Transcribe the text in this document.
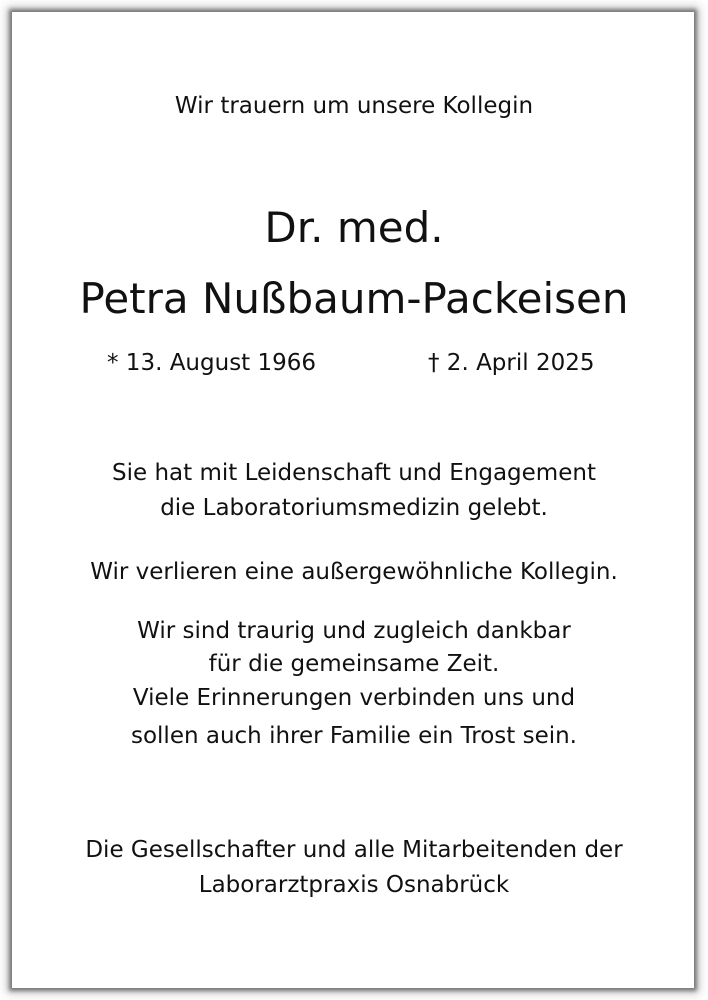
Wir trauern um unsere Kollegin

Dr. med.

Petra Nußbaum-Packeisen

* 13. August 1966	† 2. April 2025

Sie hat mit Leidenschaft und Engagement

die Laboratoriumsmedizin gelebt.

Wir verlieren eine außergewöhnliche Kollegin.

Wir sind traurig und zugleich dankbar

für die gemeinsame Zeit.

Viele Erinnerungen verbinden uns und

sollen auch ihrer Familie ein Trost sein.

Die Gesellschafter und alle Mitarbeitenden der

Laborarztpraxis Osnabrück
